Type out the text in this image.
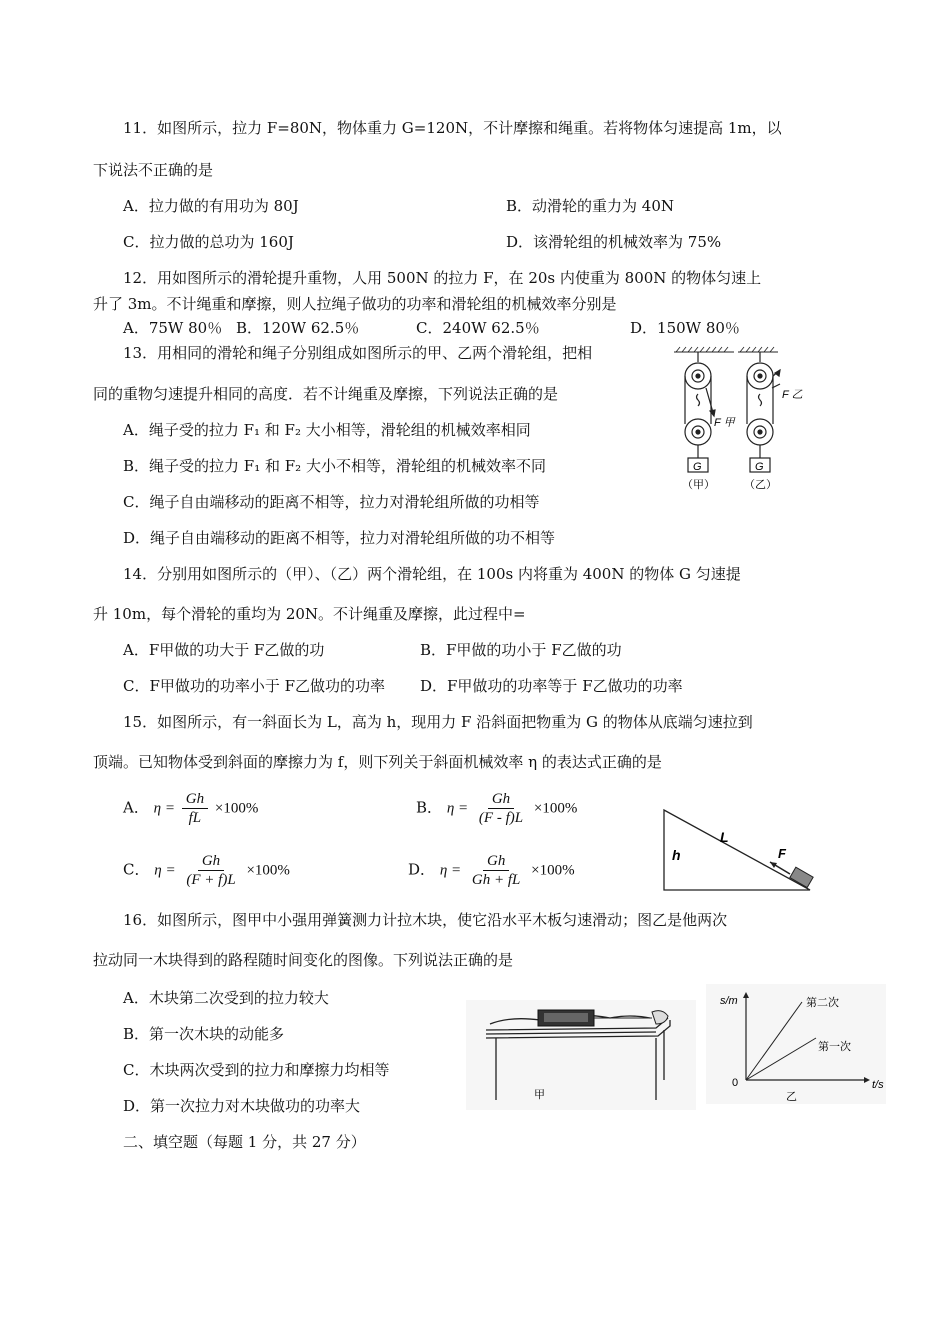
11．如图所示，拉力 F=80N，物体重力 G=120N，不计摩擦和绳重。若将物体匀速提高 1m，以
下说法不正确的是
A．拉力做的有用功为 80J	B．动滑轮的重力为 40N
C．拉力做的总功为 160J	D．该滑轮组的机械效率为 75%
12．用如图所示的滑轮提升重物，人用 500N 的拉力 F，在 20s 内使重为 800N 的物体匀速上
升了 3m。不计绳重和摩擦，则人拉绳子做功的功率和滑轮组的机械效率分别是
A．75W 80％ B．120W 62.5％	C．240W 62.5％	D．150W 80％
13．用相同的滑轮和绳子分别组成如图所示的甲、乙两个滑轮组，把相
同的重物匀速提升相同的高度．若不计绳重及摩擦，下列说法正确的是
A．绳子受的拉力 F₁ 和 F₂ 大小相等，滑轮组的机械效率相同
B．绳子受的拉力 F₁ 和 F₂ 大小不相等，滑轮组的机械效率不同
C．绳子自由端移动的距离不相等，拉力对滑轮组所做的功相等
D．绳子自由端移动的距离不相等，拉力对滑轮组所做的功不相等
F 甲
F 乙
G	G
（甲）	（乙）
14．分别用如图所示的（甲）、（乙）两个滑轮组，在 100s 内将重为 400N 的物体 G 匀速提
升 10m，每个滑轮的重均为 20N。不计绳重及摩擦，此过程中=
A．F甲做的功大于 F乙做的功	B．F甲做的功小于 F乙做的功
C．F甲做功的功率小于 F乙做功的功率 D．F甲做功的功率等于 F乙做功的功率
15．如图所示，有一斜面长为 L，高为 h，现用力 F 沿斜面把物重为 G 的物体从底端匀速拉到
顶端。已知物体受到斜面的摩擦力为 f，则下列关于斜面机械效率 η 的表达式正确的是
A． $\eta = \frac{Gh}{fL} \times 100\%$	B． $\eta = \frac{Gh}{(F - f)L} \times 100\%$
C． $\eta = \frac{Gh}{(F + f)L} \times 100\%$	D． $\eta = \frac{Gh}{Gh + fL} \times 100\%$
L
h	F
16．如图所示，图甲中小强用弹簧测力计拉木块，使它沿水平木板匀速滑动；图乙是他两次
拉动同一木块得到的路程随时间变化的图像。下列说法正确的是
A．木块第二次受到的拉力较大
B．第一次木块的动能多
C．木块两次受到的拉力和摩擦力均相等
D．第一次拉力对木块做功的功率大
甲
s/m
t/s
0
第二次
第一次
乙
二、填空题（每题 1 分，共 27 分）
